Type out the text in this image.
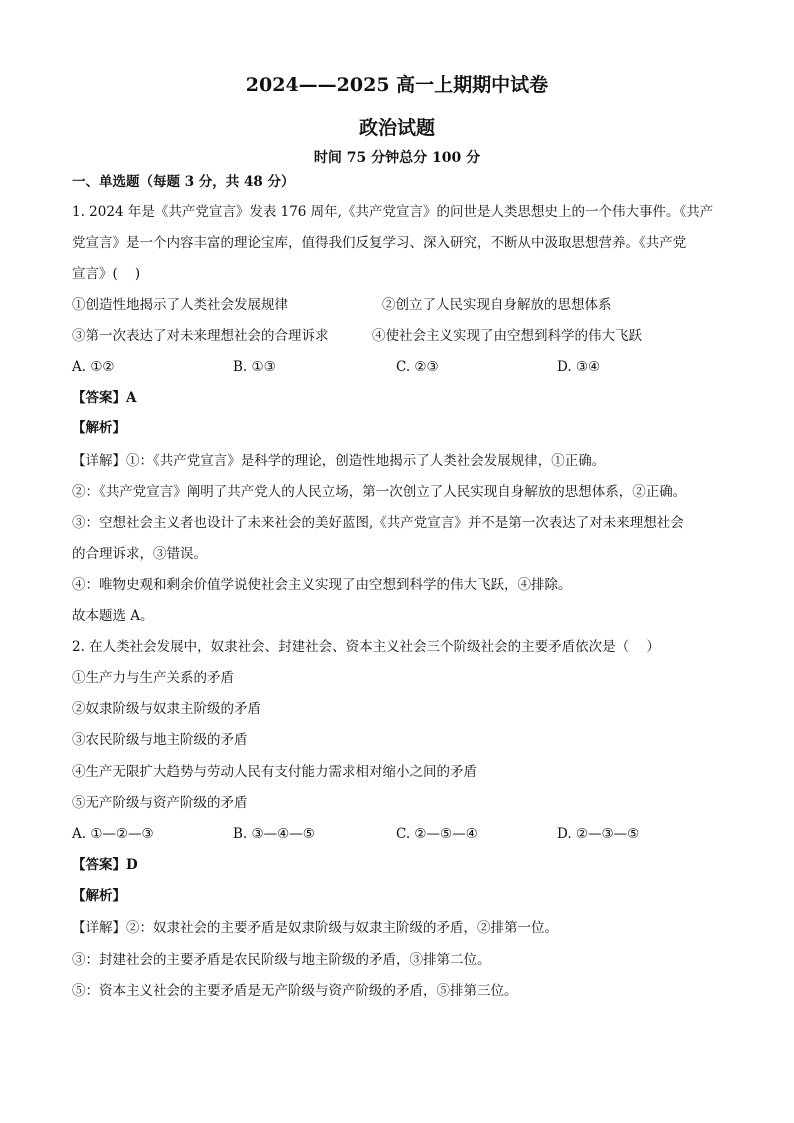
2024——2025 高一上期期中试卷
政治试题
时间 75 分钟总分 100 分
一、单选题（每题 3 分，共 48 分）
1. 2024 年是《共产党宣言》发表 176 周年,《共产党宣言》的问世是人类思想史上的一个伟大事件。《共产
党宣言》是一个内容丰富的理论宝库，值得我们反复学习、深入研究，不断从中汲取思想营养。《共产党
宣言》(    )
①创造性地揭示了人类社会发展规律	②创立了人民实现自身解放的思想体系
③第一次表达了对未来理想社会的合理诉求	④使社会主义实现了由空想到科学的伟大飞跃
A. ①②	B. ①③	C. ②③	D. ③④
【答案】A
【解析】
【详解】①：《共产党宣言》是科学的理论，创造性地揭示了人类社会发展规律，①正确。
②：《共产党宣言》阐明了共产党人的人民立场，第一次创立了人民实现自身解放的思想体系，②正确。
③：空想社会主义者也设计了未来社会的美好蓝图,《共产党宣言》并不是第一次表达了对未来理想社会
的合理诉求，③错误。
④：唯物史观和剩余价值学说使社会主义实现了由空想到科学的伟大飞跃，④排除。
故本题选 A。
2. 在人类社会发展中，奴隶社会、封建社会、资本主义社会三个阶级社会的主要矛盾依次是（    ）
①生产力与生产关系的矛盾
②奴隶阶级与奴隶主阶级的矛盾
③农民阶级与地主阶级的矛盾
④生产无限扩大趋势与劳动人民有支付能力需求相对缩小之间的矛盾
⑤无产阶级与资产阶级的矛盾
A. ①—②—③	B. ③—④—⑤	C. ②—⑤—④	D. ②—③—⑤
【答案】D
【解析】
【详解】②：奴隶社会的主要矛盾是奴隶阶级与奴隶主阶级的矛盾，②排第一位。
③：封建社会的主要矛盾是农民阶级与地主阶级的矛盾，③排第二位。
⑤：资本主义社会的主要矛盾是无产阶级与资产阶级的矛盾，⑤排第三位。
